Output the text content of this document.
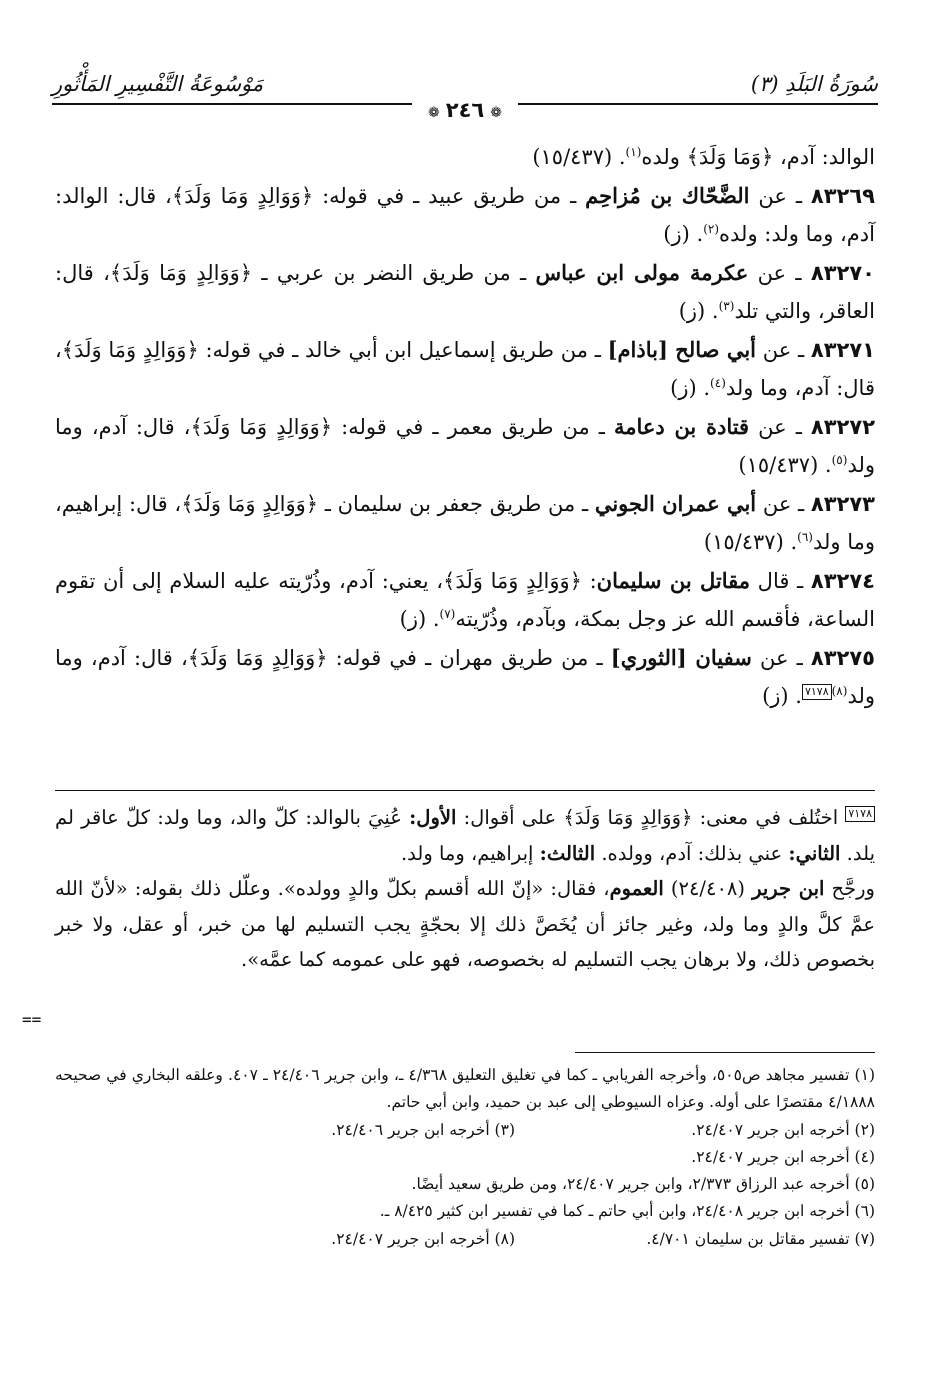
سُورَةُ البَلَدِ (٣)
مَوْسُوعَةُ التَّفْسِيرِ المَأْثُورِ
❁ ٢٤٦ ❁

الوالد: آدم، ﴿وَمَا وَلَدَ﴾ ولده$^{(١)}$. (١٥/٤٣٧)

٨٣٢٦٩ ـ عن الضَّحّاك بن مُزاحِم ـ من طريق عبيد ـ في قوله: ﴿وَوَالِدٍ وَمَا وَلَدَ﴾، قال: الوالد: آدم، وما ولد: ولده$^{(٢)}$. (ز)

٨٣٢٧٠ ـ عن عكرمة مولى ابن عباس ـ من طريق النضر بن عربي ـ ﴿وَوَالِدٍ وَمَا وَلَدَ﴾، قال: العاقر، والتي تلد$^{(٣)}$. (ز)

٨٣٢٧١ ـ عن أبي صالح [باذام] ـ من طريق إسماعيل ابن أبي خالد ـ في قوله: ﴿وَوَالِدٍ وَمَا وَلَدَ﴾، قال: آدم، وما ولد$^{(٤)}$. (ز)

٨٣٢٧٢ ـ عن قتادة بن دعامة ـ من طريق معمر ـ في قوله: ﴿وَوَالِدٍ وَمَا وَلَدَ﴾، قال: آدم، وما ولد$^{(٥)}$. (١٥/٤٣٧)

٨٣٢٧٣ ـ عن أبي عمران الجوني ـ من طريق جعفر بن سليمان ـ ﴿وَوَالِدٍ وَمَا وَلَدَ﴾، قال: إبراهيم، وما ولد$^{(٦)}$. (١٥/٤٣٧)

٨٣٢٧٤ ـ قال مقاتل بن سليمان: ﴿وَوَالِدٍ وَمَا وَلَدَ﴾، يعني: آدم، وذُرّيته عليه السلام إلى أن تقوم الساعة، فأقسم الله عز وجل بمكة، وبآدم، وذُرّيته$^{(٧)}$. (ز)

٨٣٢٧٥ ـ عن سفيان [الثوري] ـ من طريق مهران ـ في قوله: ﴿وَوَالِدٍ وَمَا وَلَدَ﴾، قال: آدم، وما ولد$^{(٨)}$٧١٧٨. (ز)

٧١٧٨ اختُلف في معنى: ﴿وَوَالِدٍ وَمَا وَلَدَ﴾ على أقوال: الأول: عُنِيَ بالوالد: كلّ والد، وما ولد: كلّ عاقر لم يلد. الثاني: عني بذلك: آدم، وولده. الثالث: إبراهيم، وما ولد.

ورجَّح ابن جرير (٢٤/٤٠٨) العموم، فقال: «إنّ الله أقسم بكلّ والدٍ وولده». وعلّل ذلك بقوله: «لأنّ الله عمَّ كلَّ والدٍ وما ولد، وغير جائز أن يُخَصَّ ذلك إلا بحجّةٍ يجب التسليم لها من خبر، أو عقل، ولا خبر بخصوص ذلك، ولا برهان يجب التسليم له بخصوصه، فهو على عمومه كما عمَّه».

==

(١) تفسير مجاهد ص٥٠٥، وأخرجه الفريابي ـ كما في تغليق التعليق ٤/٣٦٨ ـ، وابن جرير ٢٤/٤٠٦ ـ ٤٠٧. وعلقه البخاري في صحيحه ٤/١٨٨٨ مقتصرًا على أوله. وعزاه السيوطي إلى عبد بن حميد، وابن أبي حاتم.

(٢) أخرجه ابن جرير ٢٤/٤٠٧.

(٣) أخرجه ابن جرير ٢٤/٤٠٦.

(٤) أخرجه ابن جرير ٢٤/٤٠٧.

(٥) أخرجه عبد الرزاق ٢/٣٧٣، وابن جرير ٢٤/٤٠٧، ومن طريق سعيد أيضًا.

(٦) أخرجه ابن جرير ٢٤/٤٠٨، وابن أبي حاتم ـ كما في تفسير ابن كثير ٨/٤٢٥ ـ.

(٧) تفسير مقاتل بن سليمان ٤/٧٠١.

(٨) أخرجه ابن جرير ٢٤/٤٠٧.
